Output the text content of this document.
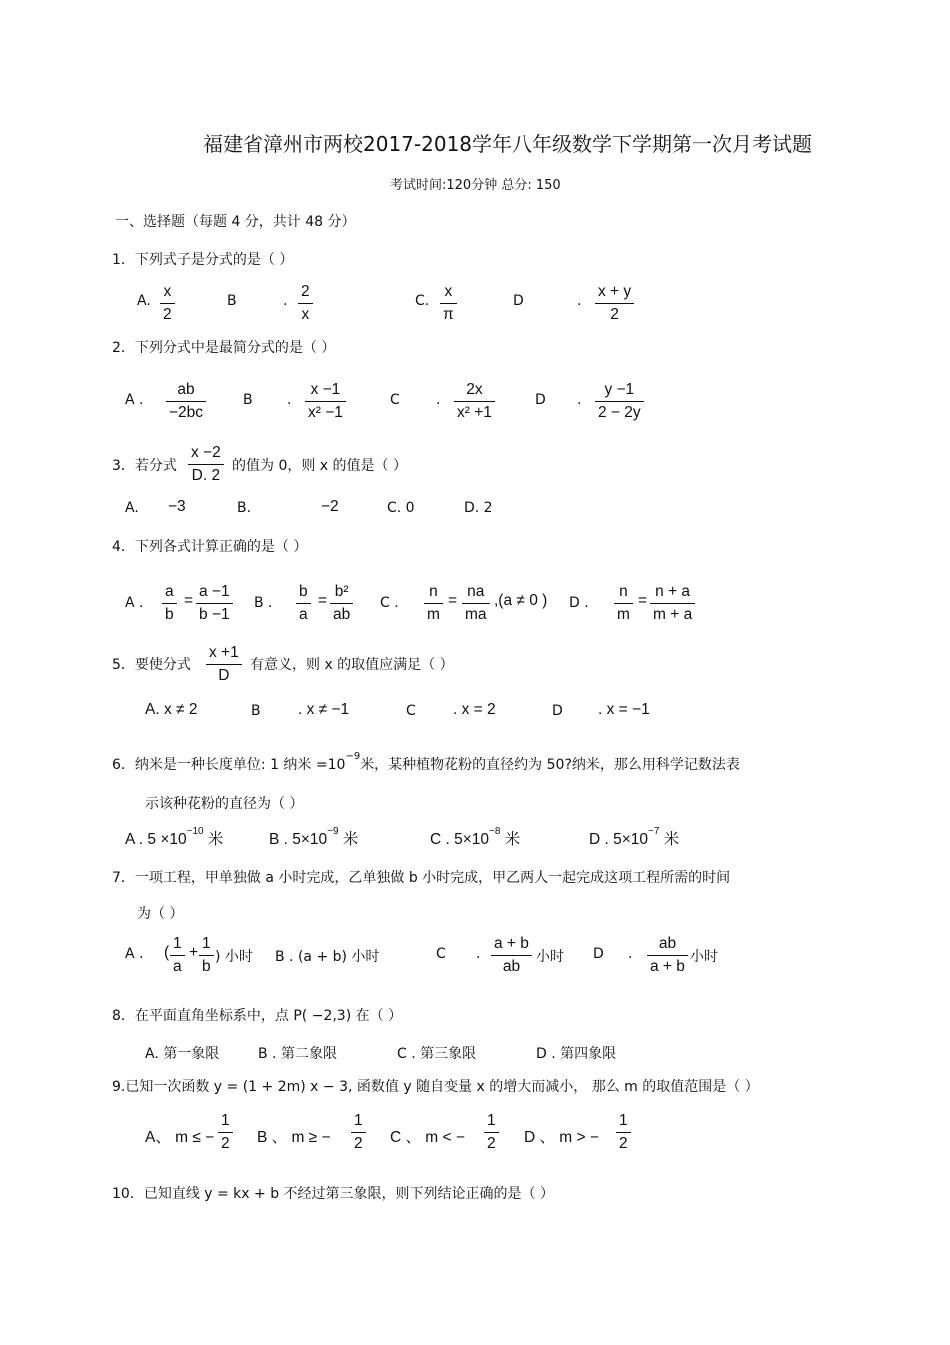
福建省漳州市两校2017-2018学年八年级数学下学期第一次月考试题
考试时间:120分钟 总分: 150
一、选择题（每题 4 分，共计 48 分）
1．下列式子是分式的是（ ）
A. $\frac{x}{2}$	B	. $\frac{2}{x}$	C. $\frac{x}{\pi}$	D	. $\frac{x + y}{2}$
2．下列分式中是最简分式的是（ ）
A . $\frac{ab}{-2bc}$	B . $\frac{x -1}{\text{x² −1}}$	C	. $\frac{2x}{\text{x² +1}}$	D . $\frac{y -1}{2 - 2y}$
3．若分式 $\frac{x -2}{D. 2}$ 的值为 0，则 x 的值是（ ）
A. −3	B.	−2	C. 0	D. 2
4．下列各式计算正确的是（ ）
A . $\frac{a}{b} = \frac{a -1}{b -1}$ B . $\frac{b}{a} = \frac{\text{b²}}{ab}$ C . $\frac{n}{m} = \frac{na}{ma} ,(a \ne 0$ ) D . $\frac{n}{m} = \frac{n + a}{m + a}$
5．要使分式 $\frac{x +1}{D}$ 有意义，则 x 的取值应满足（ ）
A. x ≠ 2	B . x ≠ −1	C . x = 2	D . x = −1
6．纳米是一种长度单位: 1 纳米 $=10^{-9}$米，某种植物花粉的直径约为 50?纳米，那么用科学记数法表
示该种花粉的直径为（ ）
A . $5 \times 10^{-10}$ 米	B . $5\times 10^{-9}$ 米	C . $5\times 10^{-8}$ 米	D . $5\times 10^{-7}$ 米
7．一项工程，甲单独做 a 小时完成，乙单独做 b 小时完成，甲乙两人一起完成这项工程所需的时间
为（ ）
A . ( $\frac{1}{a} + \frac{1}{b}$ ) 小时 B . (a + b) 小时	C . $\frac{a + b}{ab}$ 小时 D . $\frac{ab}{a + b}$ 小时
8．在平面直角坐标系中，点 P( −2,3) 在（ ）
A. 第一象限	B . 第二象限	C . 第三象限	D . 第四象限
9.已知一次函数 y = (1 + 2m) x − 3, 函数值 y 随自变量 x 的增大而减小， 那么 m 的取值范围是（ ）
A、 m ≤ − $\frac{1}{2}$ B 、 m ≥ − $\frac{1}{2}$ C 、 m < − $\frac{1}{2}$ D 、 m > − $\frac{1}{2}$
10．已知直线 y = kx + b 不经过第三象限，则下列结论正确的是（ ）
